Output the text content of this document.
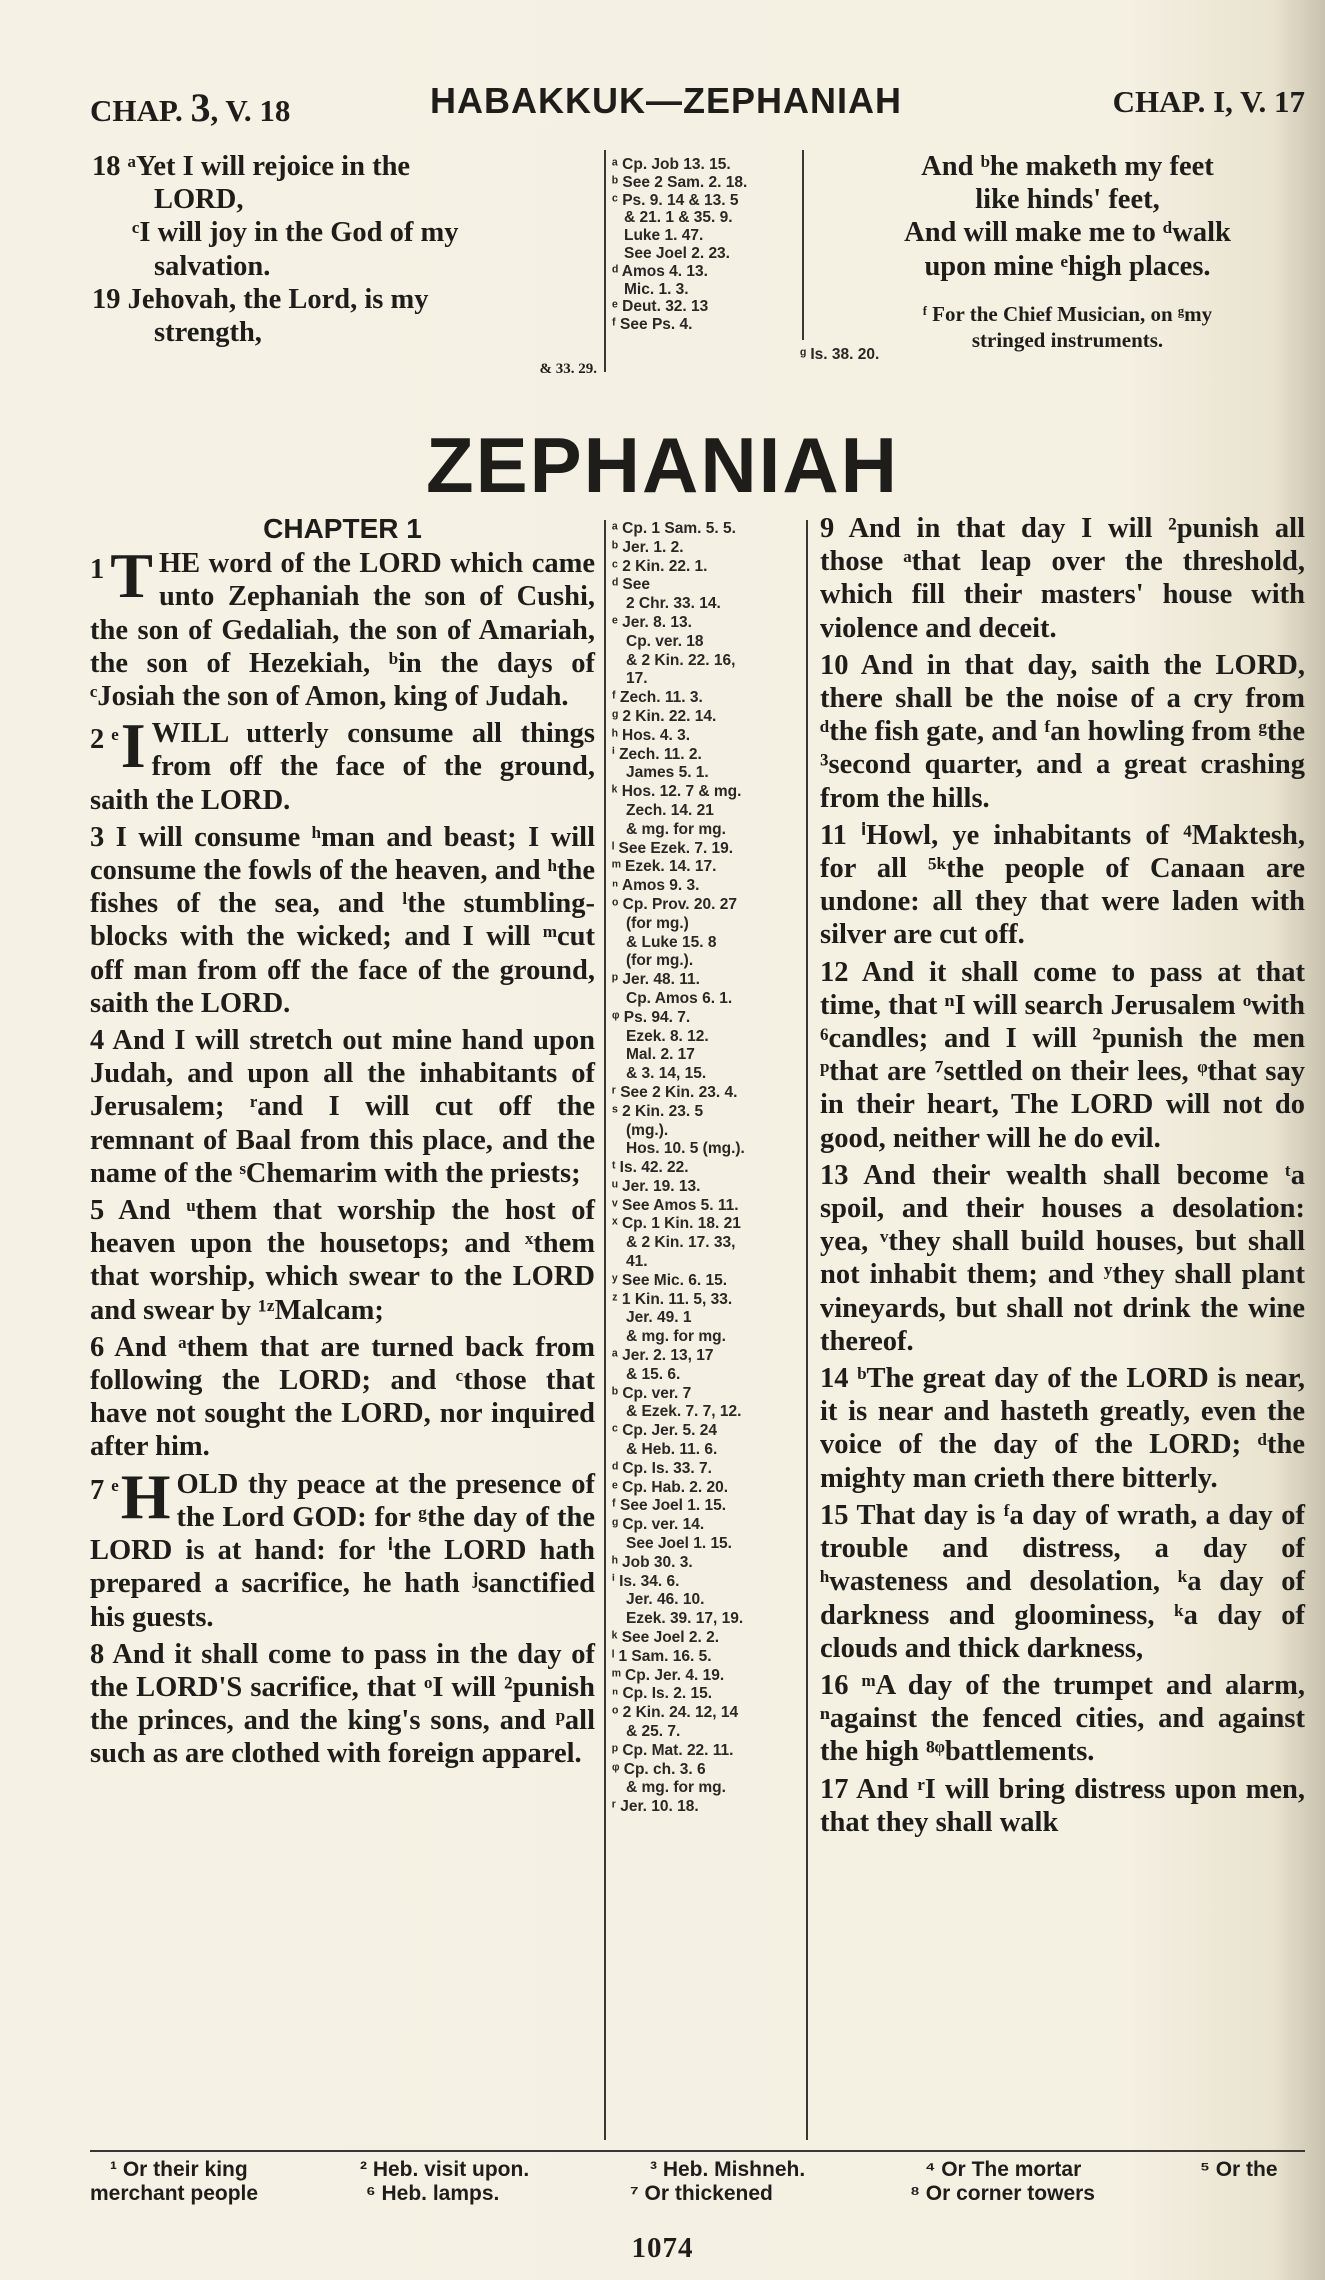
CHAP. 3, V. 18	HABAKKUK—ZEPHANIAH	CHAP. I, V. 17
18 ᵃYet I will rejoice in the
LORD,
ᶜI will joy in the God of my
salvation.
19 Jehovah, the Lord, is my
strength,
& 33. 29.
ᵃ Cp. Job 13. 15.
ᵇ See 2 Sam. 2. 18.
ᶜ Ps. 9. 14 & 13. 5
& 21. 1 & 35. 9.
Luke 1. 47.
See Joel 2. 23.
ᵈ Amos 4. 13.
Mic. 1. 3.
ᵉ Deut. 32. 13
ᶠ See Ps. 4.
ᵍ Is. 38. 20.
And ᵇhe maketh my feet
like hinds' feet,
And will make me to ᵈwalk
upon mine ᵉhigh places.
ᶠ For the Chief Musician, on ᵍmy
stringed instruments.
ZEPHANIAH
CHAPTER 1
1 T HE word of the LORD which came unto Zephaniah the son of Cushi, the son of Gedaliah, the son of Amariah, the son of Hezekiah, ᵇin the days of ᶜJosiah the son of Amon, king of Judah.
2 ᵉ I WILL utterly consume all things from off the face of the ground, saith the LORD.
3 I will consume ʰman and beast; I will consume the fowls of the heaven, and ʰthe fishes of the sea, and ˡthe stumbling-blocks with the wicked; and I will ᵐcut off man from off the face of the ground, saith the LORD.
4 And I will stretch out mine hand upon Judah, and upon all the inhabitants of Jerusalem; ʳand I will cut off the remnant of Baal from this place, and the name of the ˢChemarim with the priests;
5 And ᵘthem that worship the host of heaven upon the housetops; and ˣthem that worship, which swear to the LORD and swear by ¹ᶻMalcam;
6 And ᵃthem that are turned back from following the LORD; and ᶜthose that have not sought the LORD, nor inquired after him.
7 ᵉ H OLD thy peace at the presence of the Lord GOD: for ᵍthe day of the LORD is at hand: for ⁱthe LORD hath prepared a sacrifice, he hath ʲsanctified his guests.
8 And it shall come to pass in the day of the LORD'S sacrifice, that ᵒI will ²punish the princes, and the king's sons, and ᵖall such as are clothed with foreign apparel.
ᵃ Cp. 1 Sam. 5. 5.
ᵇ Jer. 1. 2.
ᶜ 2 Kin. 22. 1.
ᵈ See
2 Chr. 33. 14.
ᵉ Jer. 8. 13.
Cp. ver. 18
& 2 Kin. 22. 16,
17.
ᶠ Zech. 11. 3.
ᵍ 2 Kin. 22. 14.
ʰ Hos. 4. 3.
ⁱ Zech. 11. 2.
James 5. 1.
ᵏ Hos. 12. 7 & mg.
Zech. 14. 21
& mg. for mg.
ˡ See Ezek. 7. 19.
ᵐ Ezek. 14. 17.
ⁿ Amos 9. 3.
ᵒ Cp. Prov. 20. 27
(for mg.)
& Luke 15. 8
(for mg.).
ᵖ Jer. 48. 11.
Cp. Amos 6. 1.
ᵠ Ps. 94. 7.
Ezek. 8. 12.
Mal. 2. 17
& 3. 14, 15.
ʳ See 2 Kin. 23. 4.
ˢ 2 Kin. 23. 5
(mg.).
Hos. 10. 5 (mg.).
ᵗ Is. 42. 22.
ᵘ Jer. 19. 13.
ᵛ See Amos 5. 11.
ˣ Cp. 1 Kin. 18. 21
& 2 Kin. 17. 33,
41.
ʸ See Mic. 6. 15.
ᶻ 1 Kin. 11. 5, 33.
Jer. 49. 1
& mg. for mg.
ᵃ Jer. 2. 13, 17
& 15. 6.
ᵇ Cp. ver. 7
& Ezek. 7. 7, 12.
ᶜ Cp. Jer. 5. 24
& Heb. 11. 6.
ᵈ Cp. Is. 33. 7.
ᵉ Cp. Hab. 2. 20.
ᶠ See Joel 1. 15.
ᵍ Cp. ver. 14.
See Joel 1. 15.
ʰ Job 30. 3.
ⁱ Is. 34. 6.
Jer. 46. 10.
Ezek. 39. 17, 19.
ᵏ See Joel 2. 2.
ˡ 1 Sam. 16. 5.
ᵐ Cp. Jer. 4. 19.
ⁿ Cp. Is. 2. 15.
ᵒ 2 Kin. 24. 12, 14
& 25. 7.
ᵖ Cp. Mat. 22. 11.
ᵠ Cp. ch. 3. 6
& mg. for mg.
ʳ Jer. 10. 18.
9 And in that day I will ²punish all those ᵃthat leap over the threshold, which fill their masters' house with violence and deceit.
10 And in that day, saith the LORD, there shall be the noise of a cry from ᵈthe fish gate, and ᶠan howling from ᵍthe ³second quarter, and a great crashing from the hills.
11 ⁱHowl, ye inhabitants of ⁴Maktesh, for all ⁵ᵏthe people of Canaan are undone: all they that were laden with silver are cut off.
12 And it shall come to pass at that time, that ⁿI will search Jerusalem ᵒwith ⁶candles; and I will ²punish the men ᵖthat are ⁷settled on their lees, ᵠthat say in their heart, The LORD will not do good, neither will he do evil.
13 And their wealth shall become ᵗa spoil, and their houses a desolation: yea, ᵛthey shall build houses, but shall not inhabit them; and ʸthey shall plant vineyards, but shall not drink the wine thereof.
14 ᵇThe great day of the LORD is near, it is near and hasteth greatly, even the voice of the day of the LORD; ᵈthe mighty man crieth there bitterly.
15 That day is ᶠa day of wrath, a day of trouble and distress, a day of ʰwasteness and desolation, ᵏa day of darkness and gloominess, ᵏa day of clouds and thick darkness,
16 ᵐA day of the trumpet and alarm, ⁿagainst the fenced cities, and against the high ⁸ᵠbattlements.
17 And ʳI will bring distress upon men, that they shall walk
¹ Or their king
merchant people
² Heb. visit upon.
⁶ Heb. lamps.
³ Heb. Mishneh.
⁷ Or thickened
⁴ Or The mortar
⁸ Or corner towers
⁵ Or the
1074
